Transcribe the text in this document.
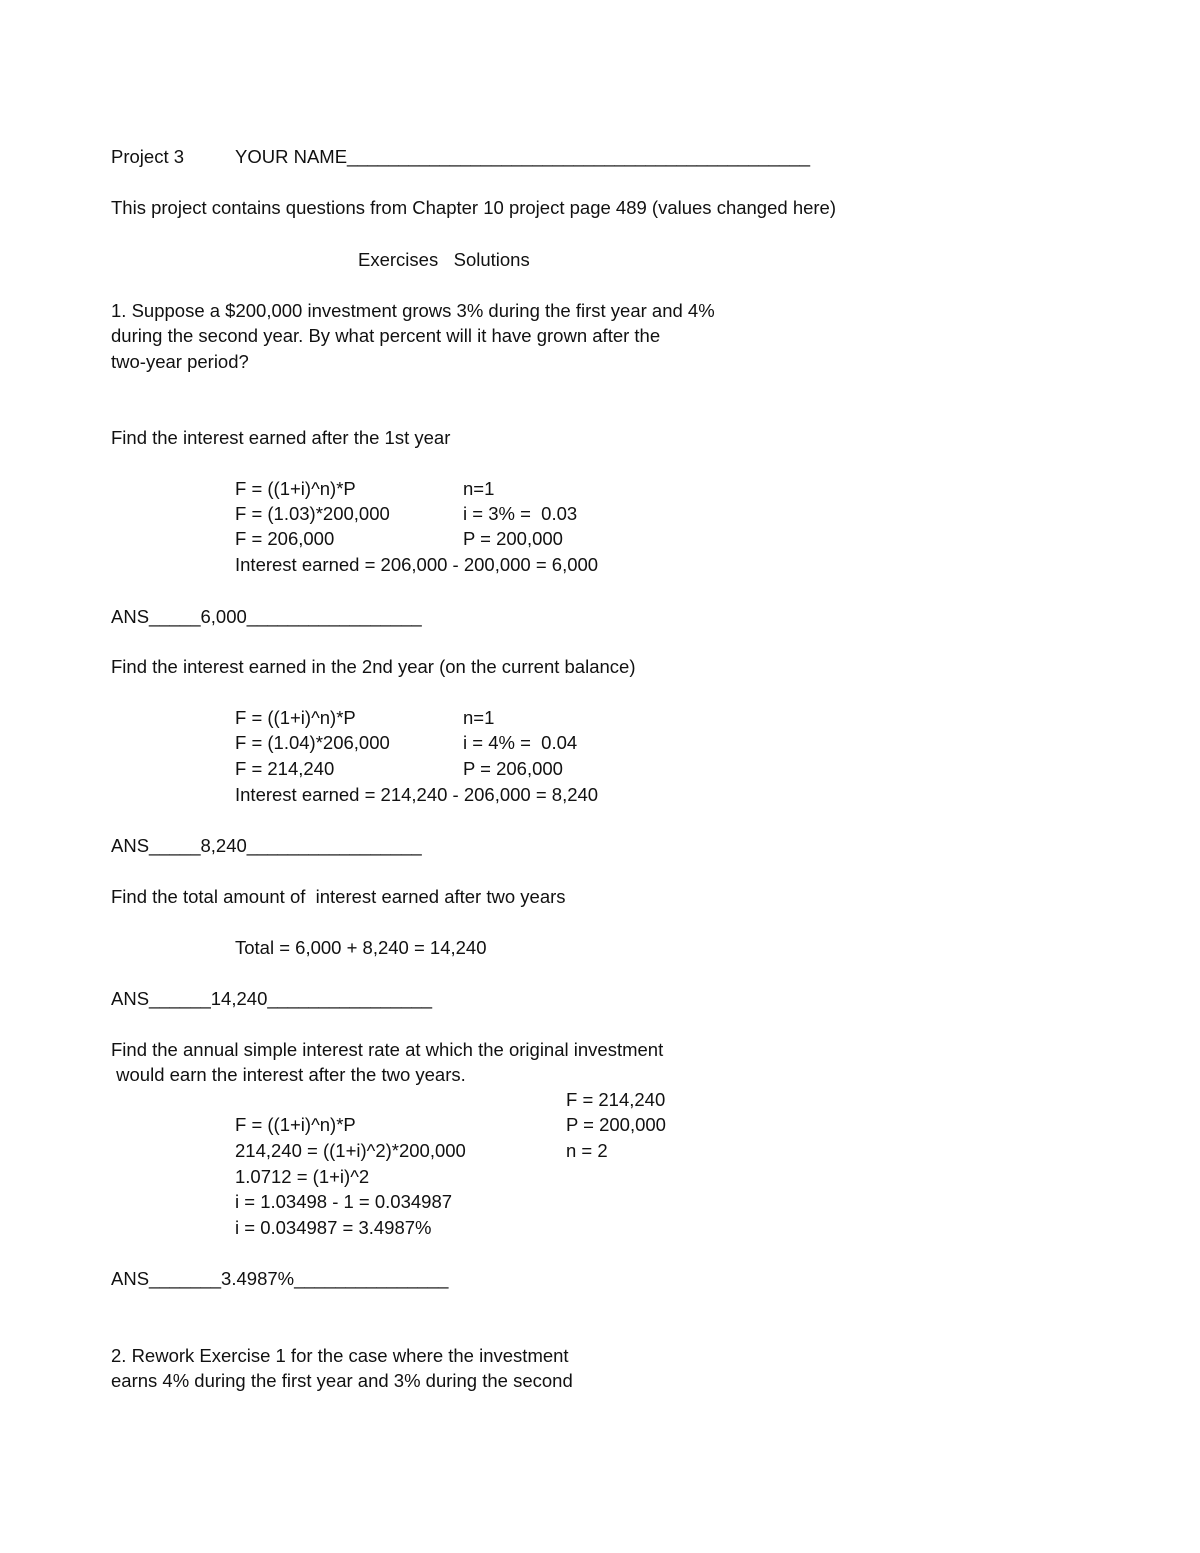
Project 3	YOUR NAME_____________________________________________
This project contains questions from Chapter 10 project page 489 (values changed here)
Exercises   Solutions
1. Suppose a $200,000 investment grows 3% during the first year and 4%
during the second year. By what percent will it have grown after the
two-year period?
Find the interest earned after the 1st year
F = ((1+i)^n)*P	n=1
F = (1.03)*200,000	i = 3% =  0.03
F = 206,000	P = 200,000
Interest earned = 206,000 - 200,000 = 6,000
ANS_____6,000_________________
Find the interest earned in the 2nd year (on the current balance)
F = ((1+i)^n)*P	n=1
F = (1.04)*206,000	i = 4% =  0.04
F = 214,240	P = 206,000
Interest earned = 214,240 - 206,000 = 8,240
ANS_____8,240_________________
Find the total amount of  interest earned after two years
Total = 6,000 + 8,240 = 14,240
ANS______14,240________________
Find the annual simple interest rate at which the original investment
would earn the interest after the two years.
F = 214,240
F = ((1+i)^n)*P	P = 200,000
214,240 = ((1+i)^2)*200,000	n = 2
1.0712 = (1+i)^2
i = 1.03498 - 1 = 0.034987
i = 0.034987 = 3.4987%
ANS_______3.4987%_______________
2. Rework Exercise 1 for the case where the investment
earns 4% during the first year and 3% during the second
